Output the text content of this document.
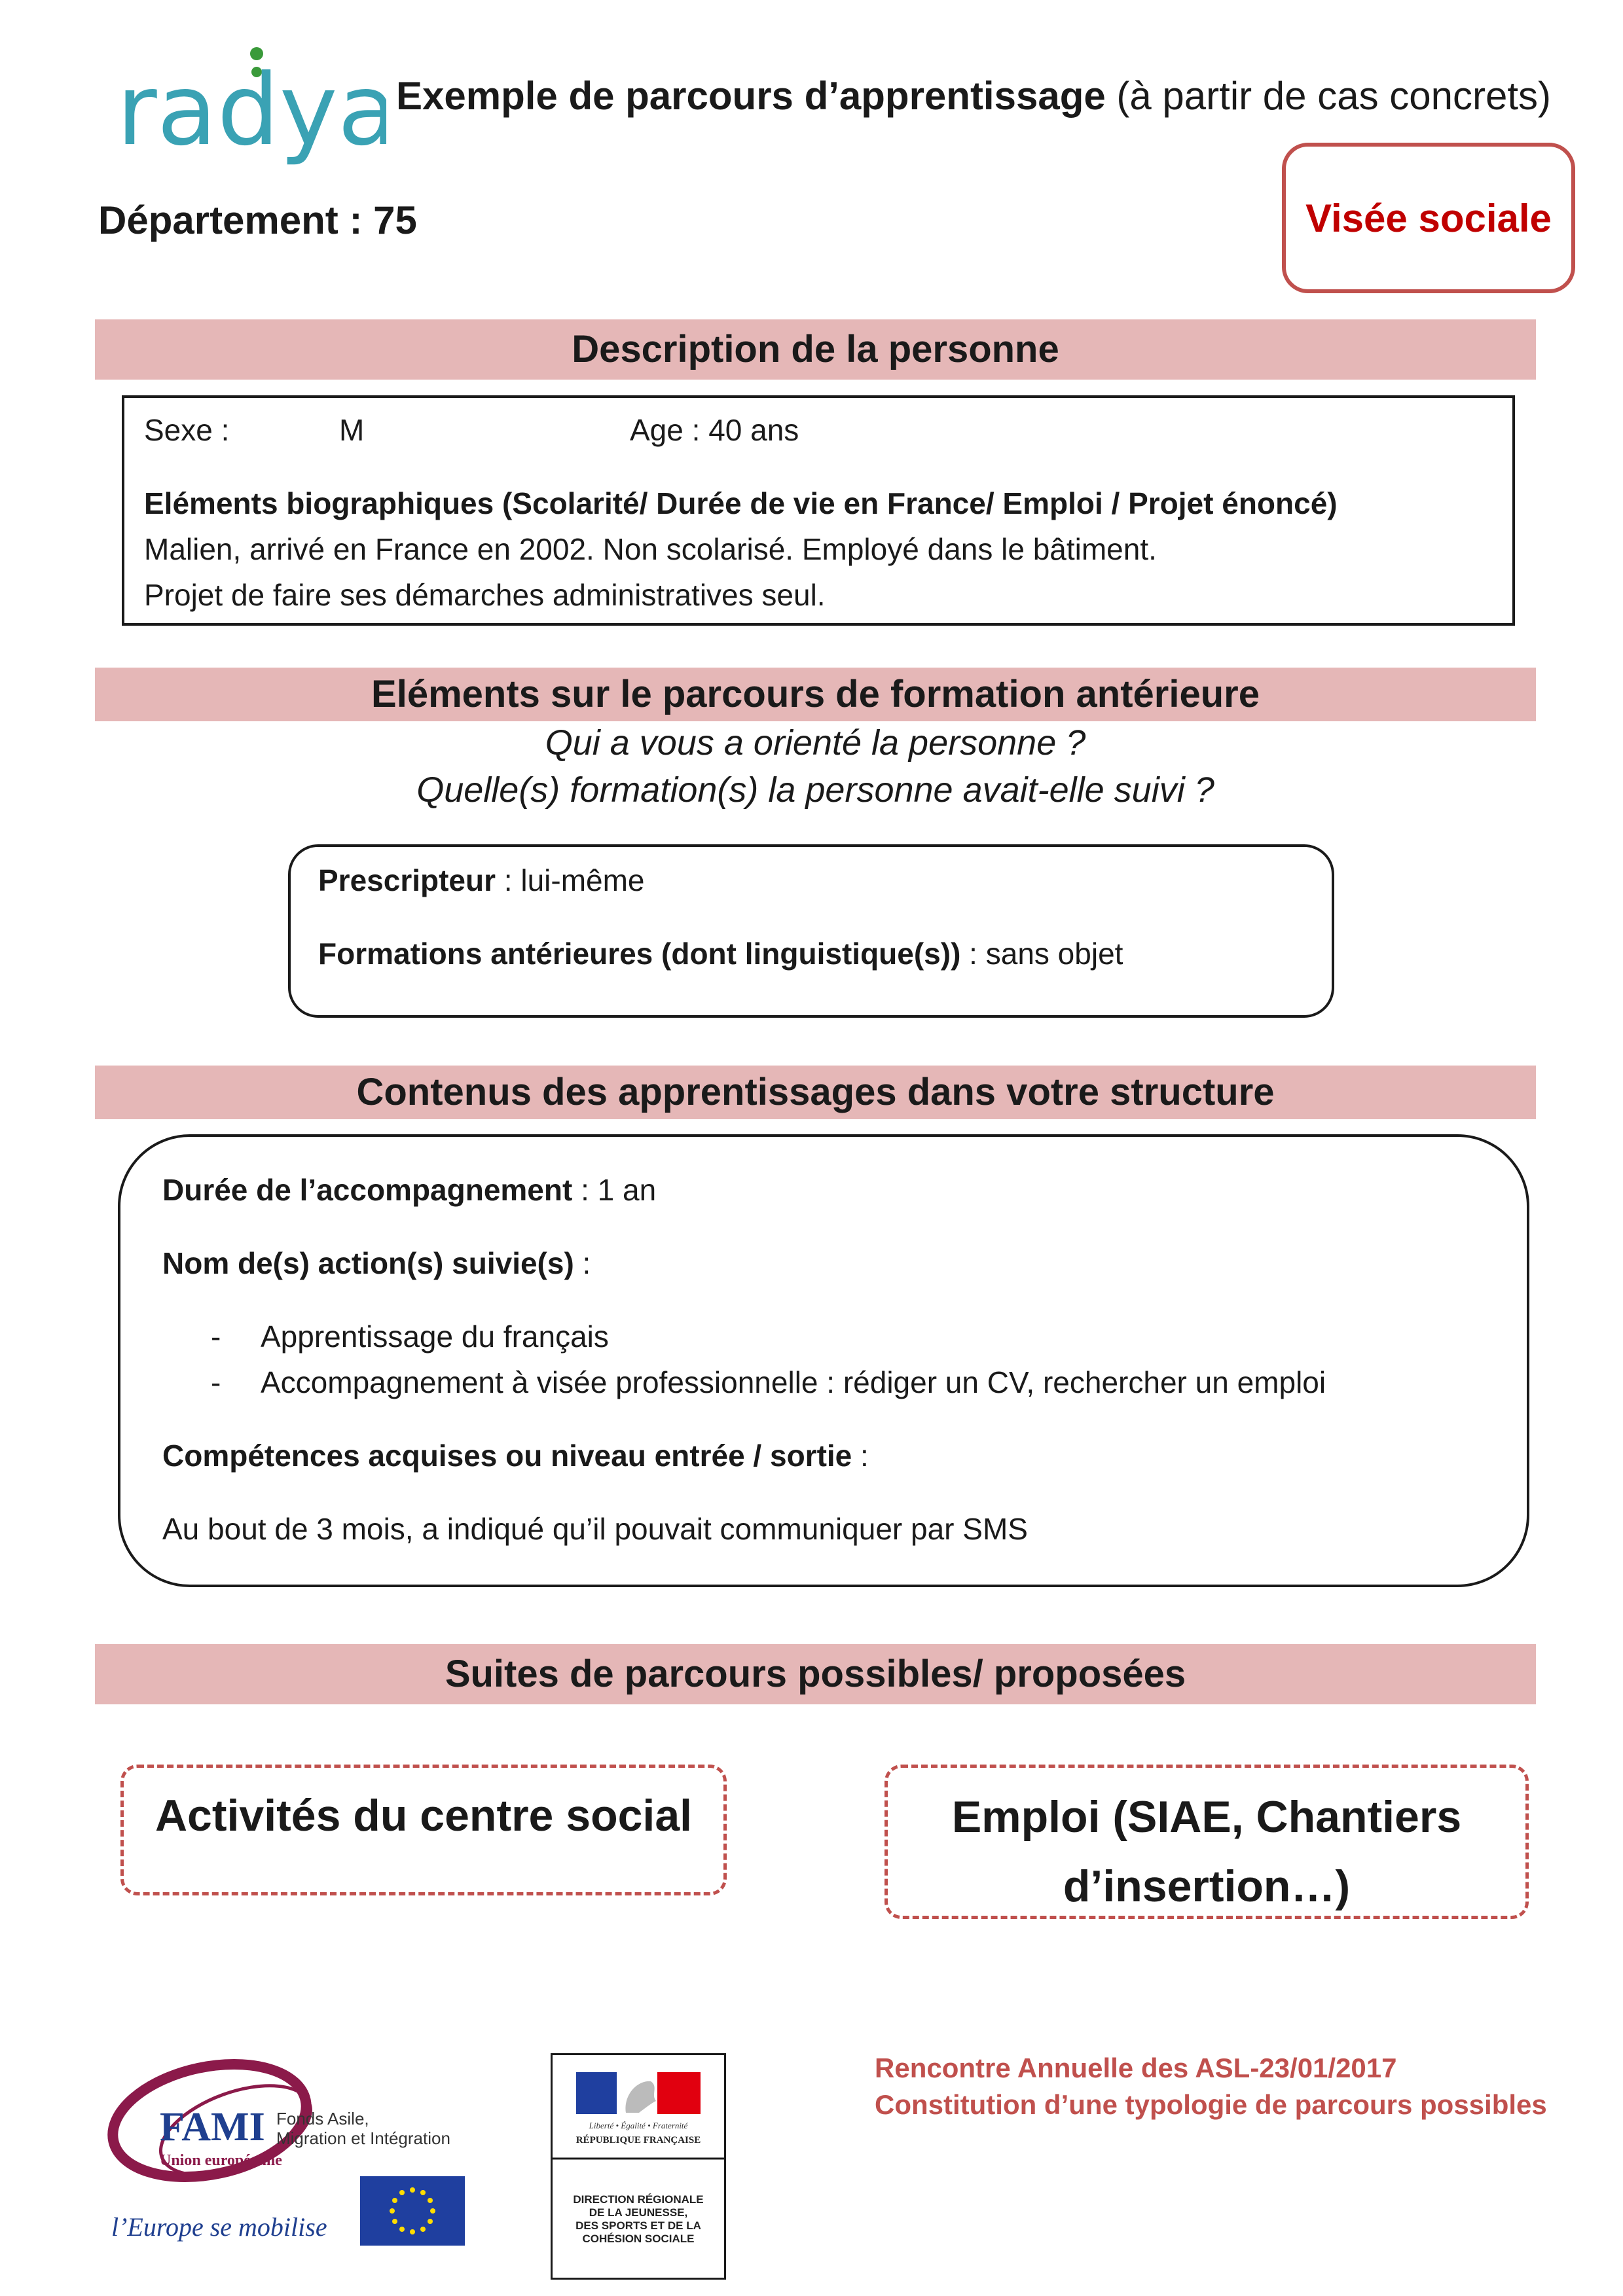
radya
Exemple de parcours d’apprentissage (à partir de cas concrets)
Département : 75	Visée sociale
Description de la personne
Sexe :	M	Age : 40 ans
Eléments biographiques (Scolarité/ Durée de vie en France/ Emploi / Projet énoncé)
Malien, arrivé en France en 2002. Non scolarisé. Employé dans le bâtiment.
Projet de faire ses démarches administratives seul.
Eléments sur le parcours de formation antérieure
Qui a vous a orienté la personne ?
Quelle(s) formation(s) la personne avait-elle suivi ?
Prescripteur : lui-même
Formations antérieures (dont linguistique(s)) : sans objet
Contenus des apprentissages dans votre structure
Durée de l’accompagnement : 1 an
Nom de(s) action(s) suivie(s) :
- Apprentissage du français
- Accompagnement à visée professionnelle : rédiger un CV, rechercher un emploi
Compétences acquises ou niveau entrée / sortie :
Au bout de 3 mois, a indiqué qu’il pouvait communiquer par SMS
Suites de parcours possibles/ proposées
Activités du centre social	Emploi (SIAE, Chantiers
d’insertion…)
FAMI Fonds Asile,
Migration et Intégration
Union européenne
l’Europe se mobilise
Liberté • Égalité • Fraternité
RÉPUBLIQUE FRANÇAISE
DIRECTION RÉGIONALE
DE LA JEUNESSE,
DES SPORTS ET DE LA
COHÉSION SOCIALE
Rencontre Annuelle des ASL-23/01/2017
Constitution d’une typologie de parcours possibles
